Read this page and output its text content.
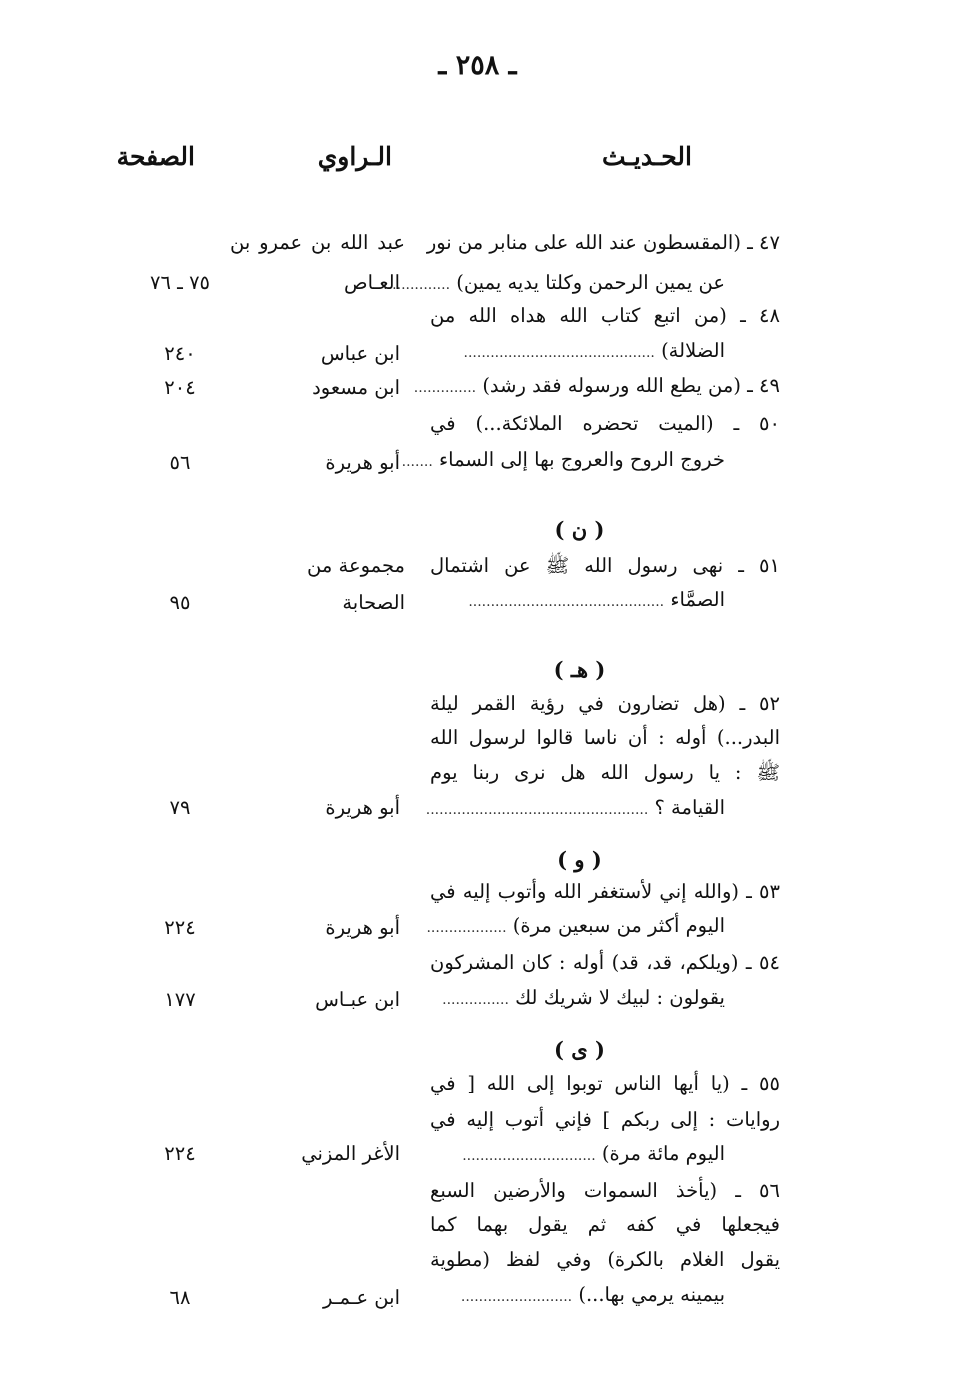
ـ ٢٥٨ ـ
الحـديـث
الـراوي
الصفحة
٤٧ ـ (المقسطون عند الله على منابر من نور
عبد الله بن عمرو بن
عن يمين الرحمن وكلتا يديه يمين) ...............
العـاص
٧٥ ـ ٧٦
٤٨ ـ (من اتبع كتاب الله هداه الله من
الضلالة) ...........................................
ابن عباس
٢٤٠
٤٩ ـ (من يطع الله ورسوله فقد رشد) ..............
ابن مسعود
٢٠٤
٥٠ ـ (الميت تحضره الملائكة...) في
خروج الروح والعروج بها إلى السماء .......
أبو هريرة
٥٦
( ن )
٥١ ـ نهى رسول الله ﷺ عن اشتمال
مجموعة من
الصمَّاء ............................................
الصحابة
٩٥
( هـ )
٥٢ ـ (هل تضارون في رؤية القمر ليلة
البدر...) أوله : أن ناسا قالوا لرسول الله
ﷺ : يا رسول الله هل نرى ربنا يوم
القيامة ؟ ..................................................
أبو هريرة
٧٩
( و )
٥٣ ـ (والله إني لأستغفر الله وأتوب إليه في
اليوم أكثر من سبعين مرة) ..................
أبو هريرة
٢٢٤
٥٤ ـ (ويلكم، قد، قد) أوله : كان المشركون
يقولون : لبيك لا شريك لك ...............
ابن عبـاس
١٧٧
( ى )
٥٥ ـ (يا أيها الناس توبوا إلى الله [ في
روايات : إلى ربكم ] فإني أتوب إليه في
اليوم مائة مرة) ..............................
الأغر المزني
٢٢٤
٥٦ ـ (يأخذ السموات والأرضين السبع
فيجعلها في كفه ثم يقول بهما كما
يقول الغلام بالكرة) وفي لفظ (مطوية
بيمينه يرمي بها...) .........................
ابن عـمـر
٦٨
